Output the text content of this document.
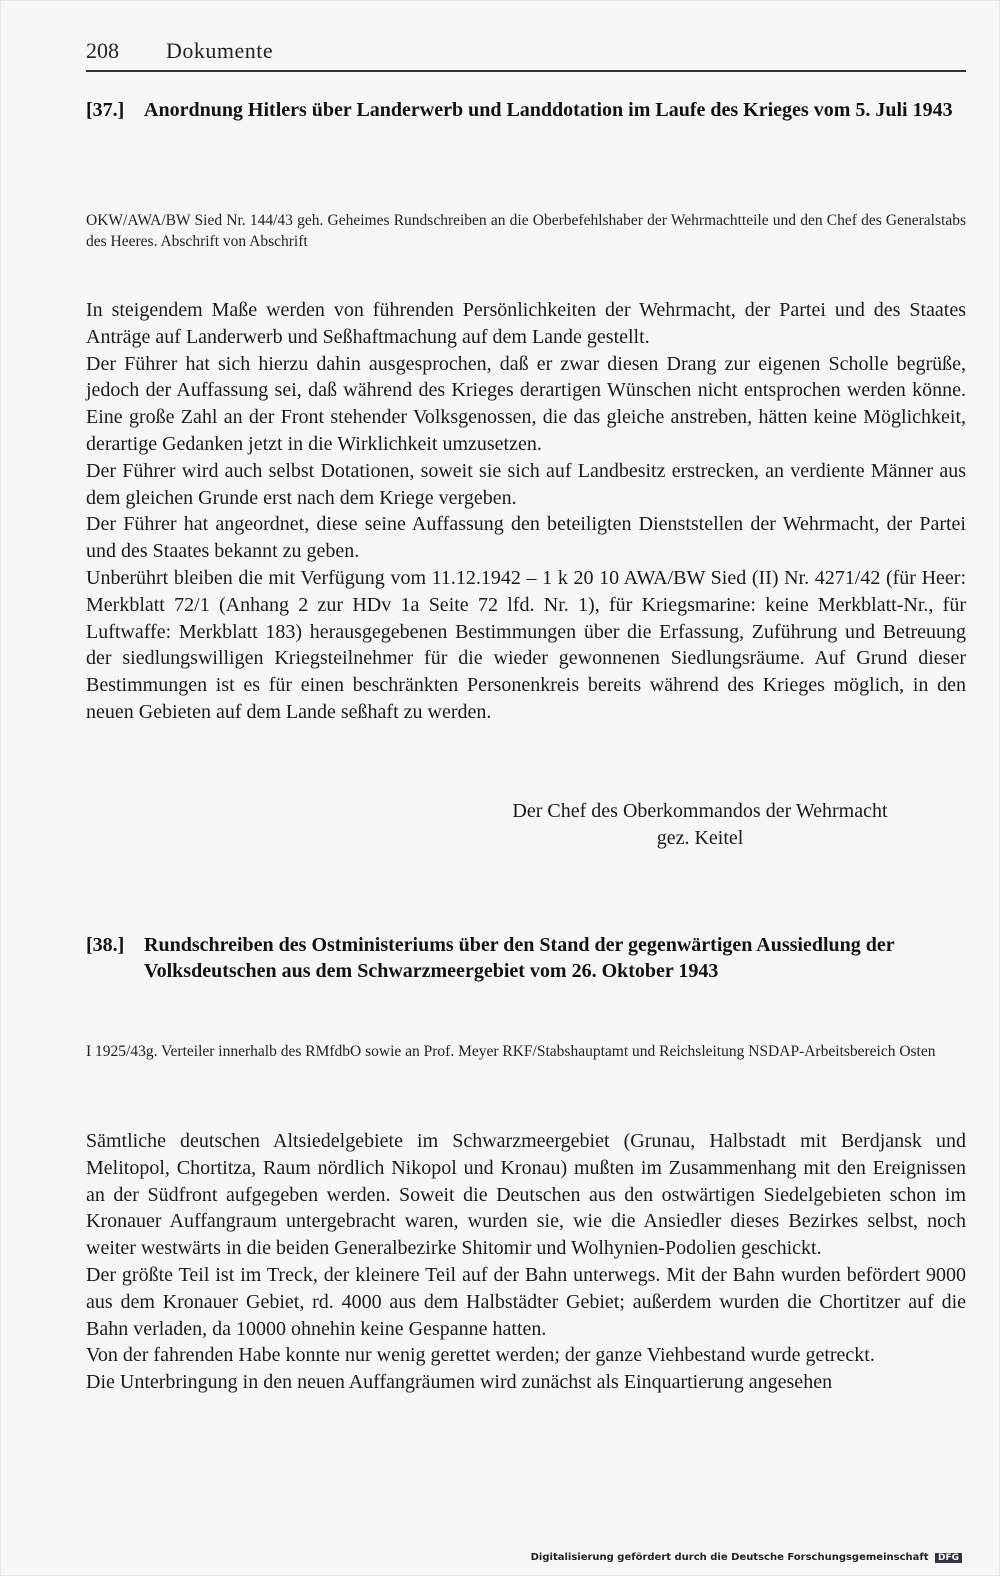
208 Dokumente
[37.] Anordnung Hitlers über Landerwerb und Landdotation im Laufe des Krieges vom 5. Juli 1943
OKW/AWA/BW Sied Nr. 144/43 geh. Geheimes Rundschreiben an die Oberbefehlshaber der Wehrmachtteile und den Chef des Generalstabs des Heeres. Abschrift von Abschrift

In steigendem Maße werden von führenden Persönlichkeiten der Wehrmacht, der Partei und des Staates Anträge auf Landerwerb und Seßhaftmachung auf dem Lande gestellt.

Der Führer hat sich hierzu dahin ausgesprochen, daß er zwar diesen Drang zur eigenen Scholle begrüße, jedoch der Auffassung sei, daß während des Krieges derartigen Wünschen nicht entsprochen werden könne. Eine große Zahl an der Front stehender Volksgenossen, die das gleiche anstreben, hätten keine Möglichkeit, derartige Gedanken jetzt in die Wirklichkeit umzusetzen.

Der Führer wird auch selbst Dotationen, soweit sie sich auf Landbesitz erstrecken, an verdiente Männer aus dem gleichen Grunde erst nach dem Kriege vergeben.

Der Führer hat angeordnet, diese seine Auffassung den beteiligten Dienststellen der Wehrmacht, der Partei und des Staates bekannt zu geben.

Unberührt bleiben die mit Verfügung vom 11.12.1942 – 1 k 20 10 AWA/BW Sied (II) Nr. 4271/42 (für Heer: Merkblatt 72/1 (Anhang 2 zur HDv 1a Seite 72 lfd. Nr. 1), für Kriegsmarine: keine Merkblatt-Nr., für Luftwaffe: Merkblatt 183) herausgegebenen Bestimmungen über die Erfassung, Zuführung und Betreuung der siedlungswilligen Kriegsteilnehmer für die wieder gewonnenen Siedlungsräume. Auf Grund dieser Bestimmungen ist es für einen beschränkten Personenkreis bereits während des Krieges möglich, in den neuen Gebieten auf dem Lande seßhaft zu werden.

Der Chef des Oberkommandos der Wehrmacht
gez. Keitel
[38.] Rundschreiben des Ostministeriums über den Stand der gegenwärtigen Aussiedlung der Volksdeutschen aus dem Schwarzmeergebiet vom 26. Oktober 1943
I 1925/43g. Verteiler innerhalb des RMfdbO sowie an Prof. Meyer RKF/Stabshauptamt und Reichsleitung NSDAP-Arbeitsbereich Osten

Sämtliche deutschen Altsiedelgebiete im Schwarzmeergebiet (Grunau, Halbstadt mit Berdjansk und Melitopol, Chortitza, Raum nördlich Nikopol und Kronau) mußten im Zusammenhang mit den Ereignissen an der Südfront aufgegeben werden. Soweit die Deutschen aus den ostwärtigen Siedelgebieten schon im Kronauer Auffangraum untergebracht waren, wurden sie, wie die Ansiedler dieses Bezirkes selbst, noch weiter westwärts in die beiden Generalbezirke Shitomir und Wolhynien-Podolien geschickt.

Der größte Teil ist im Treck, der kleinere Teil auf der Bahn unterwegs. Mit der Bahn wurden befördert 9000 aus dem Kronauer Gebiet, rd. 4000 aus dem Halbstädter Gebiet; außerdem wurden die Chortitzer auf die Bahn verladen, da 10000 ohnehin keine Gespanne hatten.

Von der fahrenden Habe konnte nur wenig gerettet werden; der ganze Viehbestand wurde getreckt.

Die Unterbringung in den neuen Auffangräumen wird zunächst als Einquartierung angesehen

Digitalisierung gefördert durch die Deutsche Forschungsgemeinschaft DFG
